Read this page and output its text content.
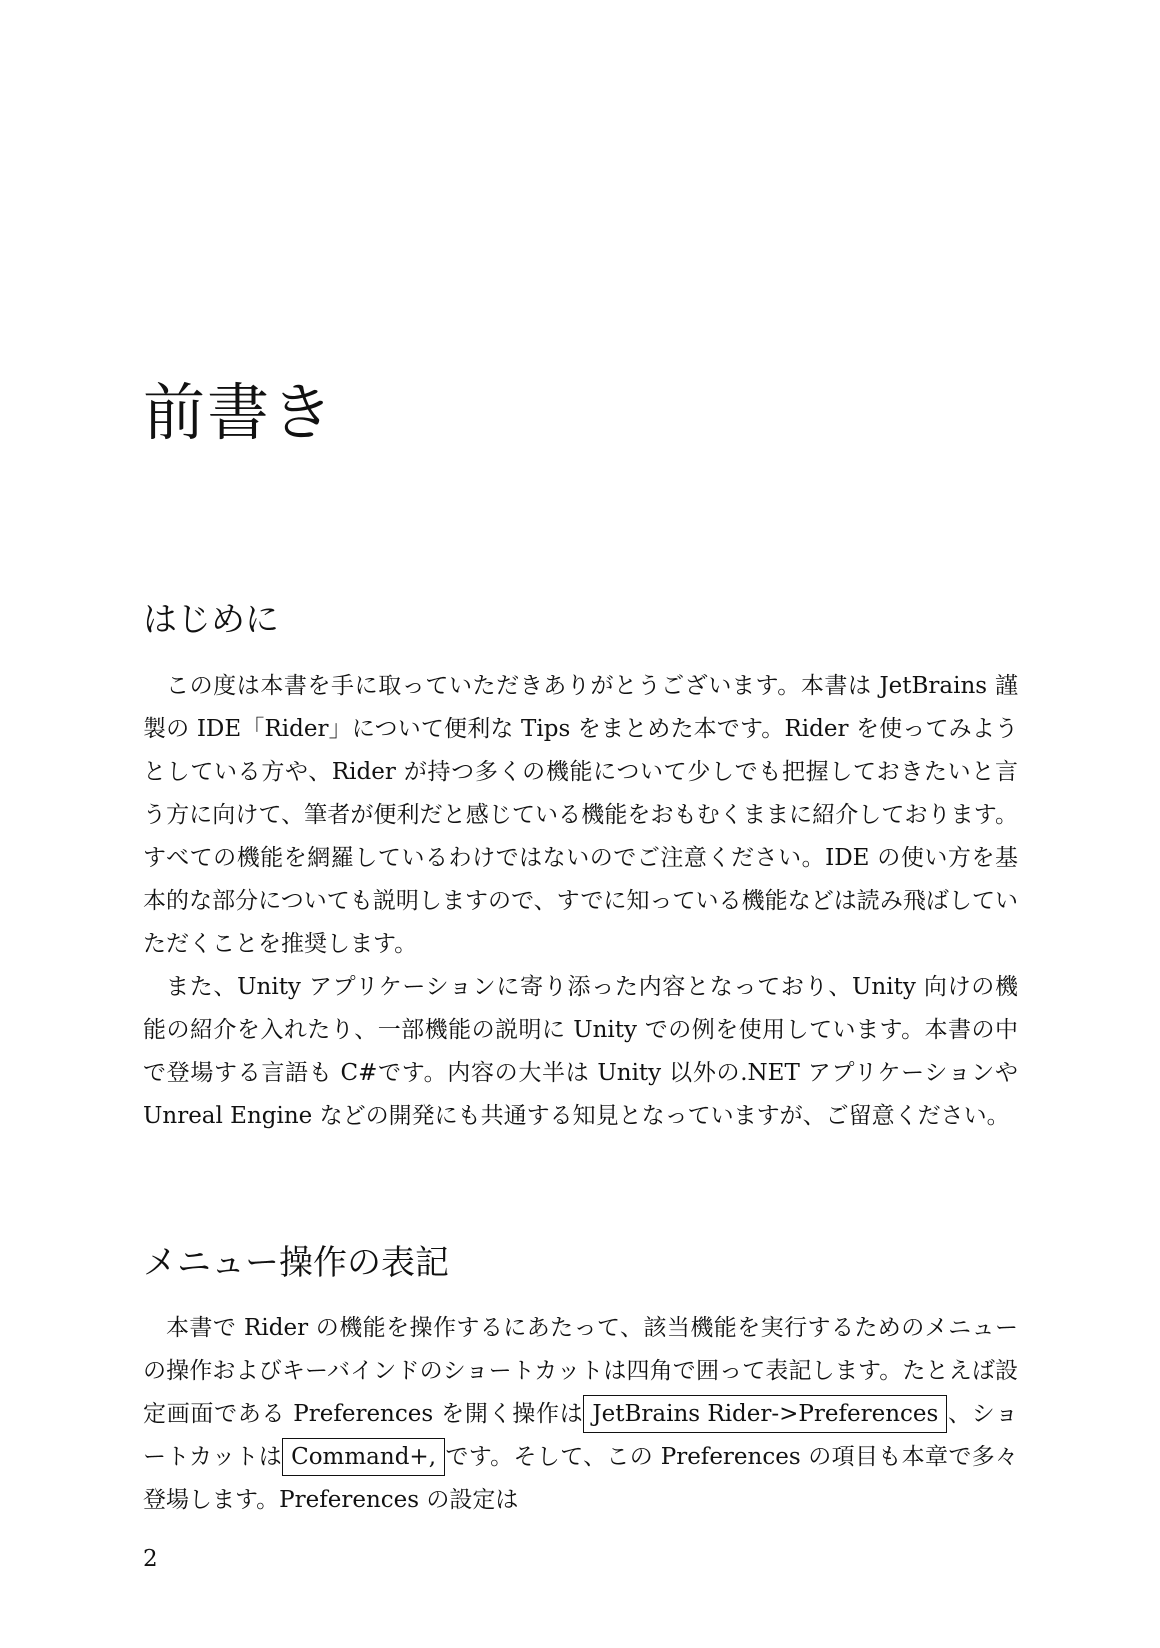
前書き
はじめに

この度は本書を手に取っていただきありがとうございます。本書は JetBrains 謹製の IDE「Rider」について便利な Tips をまとめた本です。Rider を使ってみようとしている方や、Rider が持つ多くの機能について少しでも把握しておきたいと言う方に向けて、筆者が便利だと感じている機能をおもむくままに紹介しております。すべての機能を網羅しているわけではないのでご注意ください。IDE の使い方を基本的な部分についても説明しますので、すでに知っている機能などは読み飛ばしていただくことを推奨します。

また、Unity アプリケーションに寄り添った内容となっており、Unity 向けの機能の紹介を入れたり、一部機能の説明に Unity での例を使用しています。本書の中で登場する言語も C#です。内容の大半は Unity 以外の.NET アプリケーションや Unreal Engine などの開発にも共通する知見となっていますが、ご留意ください。

メニュー操作の表記

本書で Rider の機能を操作するにあたって、該当機能を実行するためのメニューの操作およびキーバインドのショートカットは四角で囲って表記します。たとえば設定画面である Preferences を開く操作は JetBrains Rider->Preferences 、ショートカットは Command+, です。そして、この Preferences の項目も本章で多々登場します。Preferences の設定は

2
